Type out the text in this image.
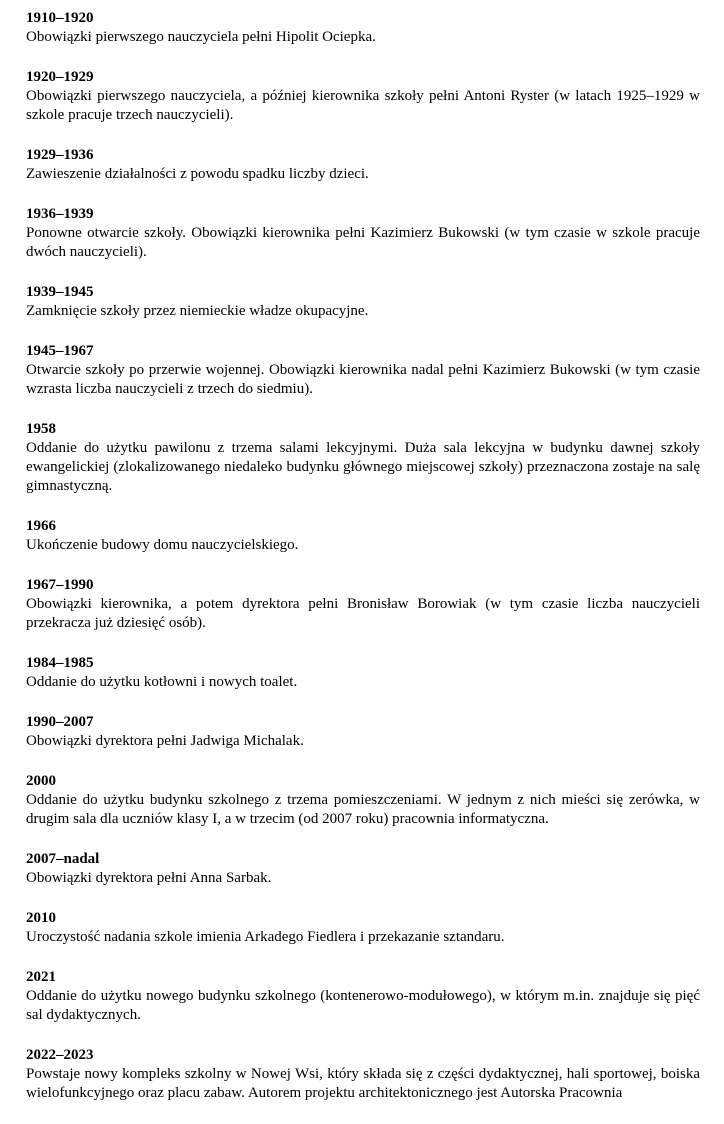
1910–1920
Obowiązki pierwszego nauczyciela pełni Hipolit Ociepka.
1920–1929
Obowiązki pierwszego nauczyciela, a później kierownika szkoły pełni Antoni Ryster (w latach 1925–1929 w szkole pracuje trzech nauczycieli).
1929–1936
Zawieszenie działalności z powodu spadku liczby dzieci.
1936–1939
Ponowne otwarcie szkoły. Obowiązki kierownika pełni Kazimierz Bukowski (w tym czasie w szkole pracuje dwóch nauczycieli).
1939–1945
Zamknięcie szkoły przez niemieckie władze okupacyjne.
1945–1967
Otwarcie szkoły po przerwie wojennej. Obowiązki kierownika nadal pełni Kazimierz Bukowski (w tym czasie wzrasta liczba nauczycieli z trzech do siedmiu).
1958
Oddanie do użytku pawilonu z trzema salami lekcyjnymi. Duża sala lekcyjna w budynku dawnej szkoły ewangelickiej (zlokalizowanego niedaleko budynku głównego miejscowej szkoły) przeznaczona zostaje na salę gimnastyczną.
1966
Ukończenie budowy domu nauczycielskiego.
1967–1990
Obowiązki kierownika, a potem dyrektora pełni Bronisław Borowiak (w tym czasie liczba nauczycieli przekracza już dziesięć osób).
1984–1985
Oddanie do użytku kotłowni i nowych toalet.
1990–2007
Obowiązki dyrektora pełni Jadwiga Michalak.
2000
Oddanie do użytku budynku szkolnego z trzema pomieszczeniami. W jednym z nich mieści się zerówka, w drugim sala dla uczniów klasy I, a w trzecim (od 2007 roku) pracownia informatyczna.
2007–nadal
Obowiązki dyrektora pełni Anna Sarbak.
2010
Uroczystość nadania szkole imienia Arkadego Fiedlera i przekazanie sztandaru.
2021
Oddanie do użytku nowego budynku szkolnego (kontenerowo-modułowego), w którym m.in. znajduje się pięć sal dydaktycznych.
2022–2023
Powstaje nowy kompleks szkolny w Nowej Wsi, który składa się z części dydaktycznej, hali sportowej, boiska wielofunkcyjnego oraz placu zabaw. Autorem projektu architektonicznego jest Autorska Pracownia
